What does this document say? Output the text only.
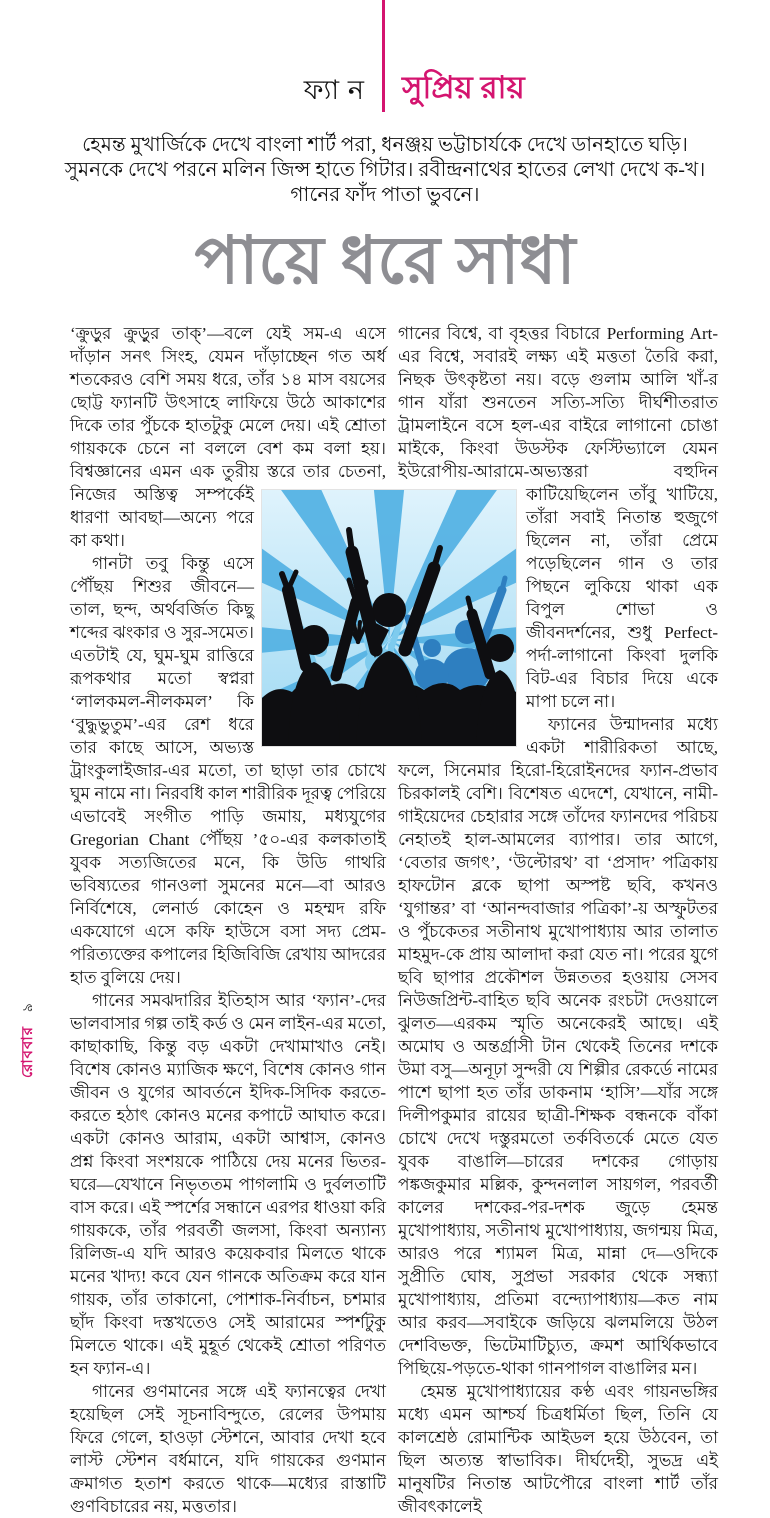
ফ্যা ন সুপ্রিয় রায়
হেমন্ত মুখার্জিকে দেখে বাংলা শার্ট পরা, ধনঞ্জয় ভট্টাচার্যকে দেখে ডানহাতে ঘড়ি।
সুমনকে দেখে পরনে মলিন জিন্স হাতে গিটার। রবীন্দ্রনাথের হাতের লেখা দেখে ক-খ।
গানের ফাঁদ পাতা ভুবনে।
পায়ে ধরে সাধা

‘ক্রুড়ুর ক্রুড়ুর তাক্‌’—বলে যেই সম-এ এসে দাঁড়ান সনৎ সিংহ, যেমন দাঁড়াচ্ছেন গত অর্ধ শতকেরও বেশি সময় ধরে, তাঁর ১৪ মাস বয়সের ছোট্ট ফ্যানটি উৎসাহে লাফিয়ে উঠে আকাশের দিকে তার পুঁচকে হাতটুকু মেলে দেয়। এই শ্রোতা গায়ককে চেনে না বললে বেশ কম বলা হয়। বিশ্বজ্ঞানের এমন এক তুরীয় স্তরে তার চেতনা, নিজের অস্তিত্ব সম্পর্কেই ধারণা আবছা—অন্যে পরে কা কথা।

গানটা তবু কিন্তু এসে পৌঁছয় শিশুর জীবনে—তাল, ছন্দ, অর্থবর্জিত কিছু শব্দের ঝংকার ও সুর-সমেত। এতটাই যে, ঘুম-ঘুম রাত্তিরে রূপকথার মতো স্বপ্নরা ‘লালকমল-নীলকমল’ কি ‘বুদ্ধুভুতুম’-এর রেশ ধরে তার কাছে আসে, অভ্যস্ত ট্রাংকুলাইজার-এর মতো, তা ছাড়া তার চোখে ঘুম নামে না। নিরবধি কাল শারীরিক দূরত্ব পেরিয়ে এভাবেই সংগীত পাড়ি জমায়, মধ্যযুগের Gregorian Chant পৌঁছয় ’৫০-এর কলকাতাই যুবক সত্যজিতের মনে, কি উডি গাথরি ভবিষ্যতের গানওলা সুমনের মনে—বা আরও নির্বিশেষে, লেনার্ড কোহেন ও মহম্মদ রফি একযোগে এসে কফি হাউসে বসা সদ্য প্রেম-পরিত্যক্তের কপালের হিজিবিজি রেখায় আদরের হাত বুলিয়ে দেয়।

গানের সমঝদারির ইতিহাস আর ‘ফ্যান’-দের ভালবাসার গল্প তাই কর্ড ও মেন লাইন-এর মতো, কাছাকাছি, কিন্তু বড় একটা দেখামাখাও নেই। বিশেষ কোনও ম্যাজিক ক্ষণে, বিশেষ কোনও গান জীবন ও যুগের আবর্তনে ইদিক-সিদিক করতে-করতে হঠাৎ কোনও মনের কপাটে আঘাত করে। একটা কোনও আরাম, একটা আশ্বাস, কোনও প্রশ্ন কিংবা সংশয়কে পাঠিয়ে দেয় মনের ভিতর-ঘরে—যেখানে নিভৃততম পাগলামি ও দুর্বলতাটি বাস করে। এই স্পর্শের সন্ধানে এরপর ধাওয়া করি গায়ককে, তাঁর পরবর্তী জলসা, কিংবা অন্যান্য রিলিজ-এ যদি আরও কয়েকবার মিলতে থাকে মনের খাদ্য! কবে যেন গানকে অতিক্রম করে যান গায়ক, তাঁর তাকানো, পোশাক-নির্বাচন, চশমার ছাঁদ কিংবা দস্তখতেও সেই আরামের স্পর্শটুকু মিলতে থাকে। এই মুহূর্ত থেকেই শ্রোতা পরিণত হন ফ্যান-এ।

গানের গুণমানের সঙ্গে এই ফ্যানত্বের দেখা হয়েছিল সেই সূচনাবিন্দুতে, রেলের উপমায় ফিরে গেলে, হাওড়া স্টেশনে, আবার দেখা হবে লাস্ট স্টেশন বর্ধমানে, যদি গায়কের গুণমান ক্রমাগত হতাশ করতে থাকে—মধ্যের রাস্তাটি গুণবিচারের নয়, মত্ততার।

গানের বিশ্বে, বা বৃহত্তর বিচারে Performing Art-এর বিশ্বে, সবারই লক্ষ্য এই মত্ততা তৈরি করা, নিছক উৎকৃষ্টতা নয়। বড়ে গুলাম আলি খাঁ-র গান যাঁরা শুনতেন সত্যি-সত্যি দীর্ঘশীতরাত ট্রামলাইনে বসে হল-এর বাইরে লাগানো চোঙা মাইকে, কিংবা উডস্টক ফেস্টিভ্যালে যেমন ইউরোপীয়-আরামে-অভ্যস্তরা বহুদিন কাটিয়েছিলেন তাঁবু খাটিয়ে, তাঁরা সবাই নিতান্ত হুজুগে ছিলেন না, তাঁরা প্রেমে পড়েছিলেন গান ও তার পিছনে লুকিয়ে থাকা এক বিপুল শোভা ও জীবনদর্শনের, শুধু Perfect-পর্দা-লাগানো কিংবা দুলকি বিট-এর বিচার দিয়ে একে মাপা চলে না।

ফ্যানের উন্মাদনার মধ্যে একটা শারীরিকতা আছে, ফলে, সিনেমার হিরো-হিরোইনদের ফ্যান-প্রভাব চিরকালই বেশি। বিশেষত এদেশে, যেখানে, নামী-গাইয়েদের চেহারার সঙ্গে তাঁদের ফ্যানদের পরিচয় নেহাতই হাল-আমলের ব্যাপার। তার আগে, ‘বেতার জগৎ’, ‘উল্টোরথ’ বা ‘প্রসাদ’ পত্রিকায় হাফটোন ব্লকে ছাপা অস্পষ্ট ছবি, কখনও ‘যুগান্তর’ বা ‘আনন্দবাজার পত্রিকা’-য় অস্ফুটতর ও পুঁচকেতর সতীনাথ মুখোপাধ্যায় আর তালাত মাহমুদ-কে প্রায় আলাদা করা যেত না। পরের যুগে ছবি ছাপার প্রকৌশল উন্নততর হওয়ায় সেসব নিউজপ্রিন্ট-বাহিত ছবি অনেক রংচটা দেওয়ালে ঝুলত—এরকম স্মৃতি অনেকেরই আছে। এই অমোঘ ও অন্তর্গ্রাসী টান থেকেই তিনের দশকে উমা বসু—অনূঢ়া সুন্দরী যে শিল্পীর রেকর্ডে নামের পাশে ছাপা হত তাঁর ডাকনাম ‘হাসি’—যাঁর সঙ্গে দিলীপকুমার রায়ের ছাত্রী-শিক্ষক বন্ধনকে বাঁকা চোখে দেখে দস্তুরমতো তর্কবিতর্কে মেতে যেত যুবক বাঙালি—চারের দশকের গোড়ায় পঙ্কজকুমার মল্লিক, কুন্দনলাল সায়গল, পরবর্তী কালের দশকের-পর-দশক জুড়ে হেমন্ত মুখোপাধ্যায়, সতীনাথ মুখোপাধ্যায়, জগন্ময় মিত্র, আরও পরে শ্যামল মিত্র, মান্না দে—ওদিকে সুপ্রীতি ঘোষ, সুপ্রভা সরকার থেকে সন্ধ্যা মুখোপাধ্যায়, প্রতিমা বন্দ্যোপাধ্যায়—কত নাম আর করব—সবাইকে জড়িয়ে ঝলমলিয়ে উঠল দেশবিভক্ত, ভিটেমাটিচ্যুত, ক্রমশ আর্থিকভাবে পিছিয়ে-পড়তে-থাকা গানপাগল বাঙালির মন।

হেমন্ত মুখোপাধ্যায়ের কণ্ঠ এবং গায়নভঙ্গির মধ্যে এমন আশ্চর্য চিত্রধর্মিতা ছিল, তিনি যে কালশ্রেষ্ঠ রোমান্টিক আইডল হয়ে উঠবেন, তা ছিল অত্যন্ত স্বাভাবিক। দীর্ঘদেহী, সুভদ্র এই মানুষটির নিতান্ত আটপৌরে বাংলা শার্ট তাঁর জীবৎকালেই

রোববার ৯
